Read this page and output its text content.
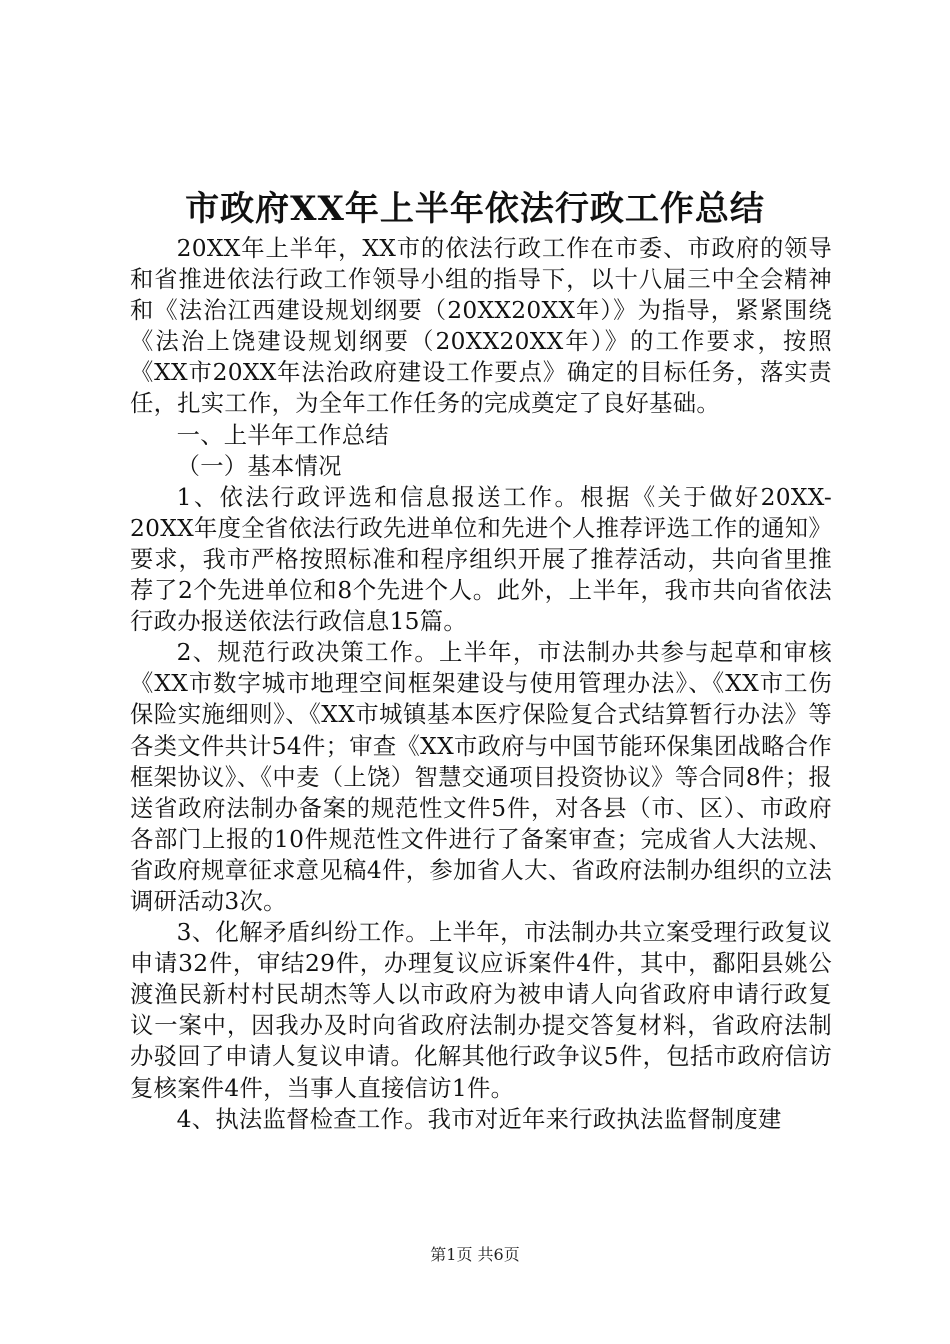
市政府XX年上半年依法行政工作总结

20XX年上半年，XX市的依法行政工作在市委、市政府的领导和省推进依法行政工作领导小组的指导下，以十八届三中全会精神和《法治江西建设规划纲要（20XX20XX年）》为指导，紧紧围绕《法治上饶建设规划纲要（20XX20XX年）》的工作要求，按照《XX市20XX年法治政府建设工作要点》确定的目标任务，落实责任，扎实工作，为全年工作任务的完成奠定了良好基础。

一、上半年工作总结

（一）基本情况

1、依法行政评选和信息报送工作。根据《关于做好20XX-20XX年度全省依法行政先进单位和先进个人推荐评选工作的通知》要求，我市严格按照标准和程序组织开展了推荐活动，共向省里推荐了2个先进单位和8个先进个人。此外，上半年，我市共向省依法行政办报送依法行政信息15篇。

2、规范行政决策工作。上半年，市法制办共参与起草和审核《XX市数字城市地理空间框架建设与使用管理办法》、《XX市工伤保险实施细则》、《XX市城镇基本医疗保险复合式结算暂行办法》等各类文件共计54件；审查《XX市政府与中国节能环保集团战略合作框架协议》、《中麦（上饶）智慧交通项目投资协议》等合同8件；报送省政府法制办备案的规范性文件5件，对各县（市、区）、市政府各部门上报的10件规范性文件进行了备案审查；完成省人大法规、省政府规章征求意见稿4件，参加省人大、省政府法制办组织的立法调研活动3次。

3、化解矛盾纠纷工作。上半年，市法制办共立案受理行政复议申请32件，审结29件，办理复议应诉案件4件，其中，鄱阳县姚公渡渔民新村村民胡杰等人以市政府为被申请人向省政府申请行政复议一案中，因我办及时向省政府法制办提交答复材料，省政府法制办驳回了申请人复议申请。化解其他行政争议5件，包括市政府信访复核案件4件，当事人直接信访1件。

4、执法监督检查工作。我市对近年来行政执法监督制度建

第1页 共6页
